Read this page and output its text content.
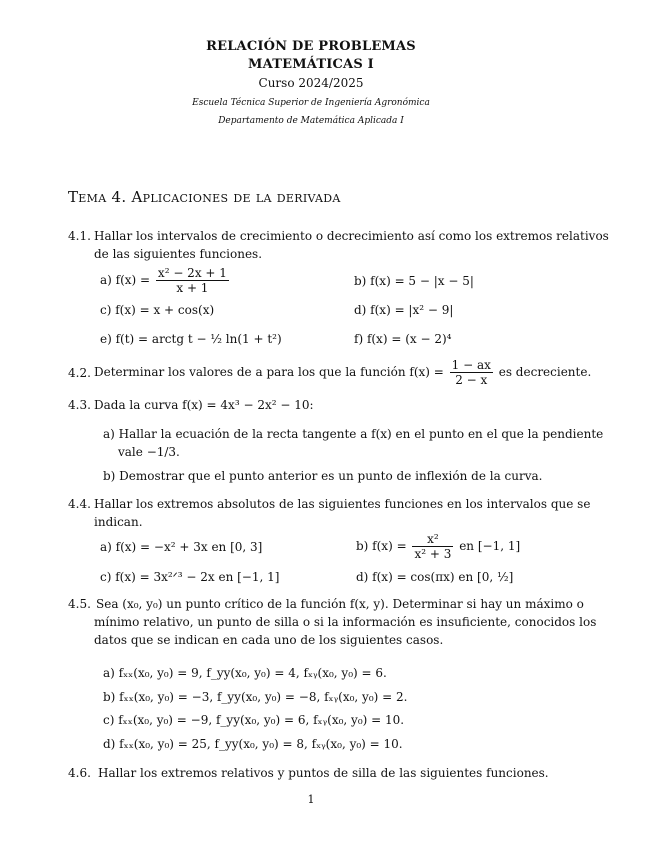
RELACIÓN DE PROBLEMAS
MATEMÁTICAS I
Curso 2024/2025
Escuela Técnica Superior de Ingeniería Agronómica
Departamento de Matemática Aplicada I
Tema 4. Aplicaciones de la derivada
4.1. Hallar los intervalos de crecimiento o decrecimiento así como los extremos relativos
de las siguientes funciones.
a) $f(x) = \frac{\text{x² − 2x + 1}}{x + 1}$	b) f(x) = 5 − |x − 5|
c) f(x) = x + cos(x)	d) f(x) = |x² − 9|
e) f(t) = arctg t − ½ ln(1 + t²)	f) f(x) = (x − 2)⁴
4.2. Determinar los valores de a para los que la función $f(x) = \frac{1 - ax}{2 - x}$ es decreciente.
4.3. Dada la curva f(x) = 4x³ − 2x² − 10:
a) Hallar la ecuación de la recta tangente a f(x) en el punto en el que la pendiente
vale −1/3.
b) Demostrar que el punto anterior es un punto de inflexión de la curva.
4.4. Hallar los extremos absolutos de las siguientes funciones en los intervalos que se
indican.
a) f(x) = −x² + 3x en [0, 3]	b) $f(x) = \frac{\text{x²}}{\text{x² + 3}}$ en [−1, 1]
c) f(x) = 3x²ᐟ³ − 2x en [−1, 1]	d) f(x) = cos(πx) en [0, ½]
4.5. Sea (x₀, y₀) un punto crítico de la función f(x, y). Determinar si hay un máximo o
mínimo relativo, un punto de silla o si la información es insuficiente, conocidos los
datos que se indican en cada uno de los siguientes casos.
a) fₓₓ(x₀, y₀) = 9, f_yy(x₀, y₀) = 4, fₓᵧ(x₀, y₀) = 6.
b) fₓₓ(x₀, y₀) = −3, f_yy(x₀, y₀) = −8, fₓᵧ(x₀, y₀) = 2.
c) fₓₓ(x₀, y₀) = −9, f_yy(x₀, y₀) = 6, fₓᵧ(x₀, y₀) = 10.
d) fₓₓ(x₀, y₀) = 25, f_yy(x₀, y₀) = 8, fₓᵧ(x₀, y₀) = 10.
4.6. Hallar los extremos relativos y puntos de silla de las siguientes funciones.
1
